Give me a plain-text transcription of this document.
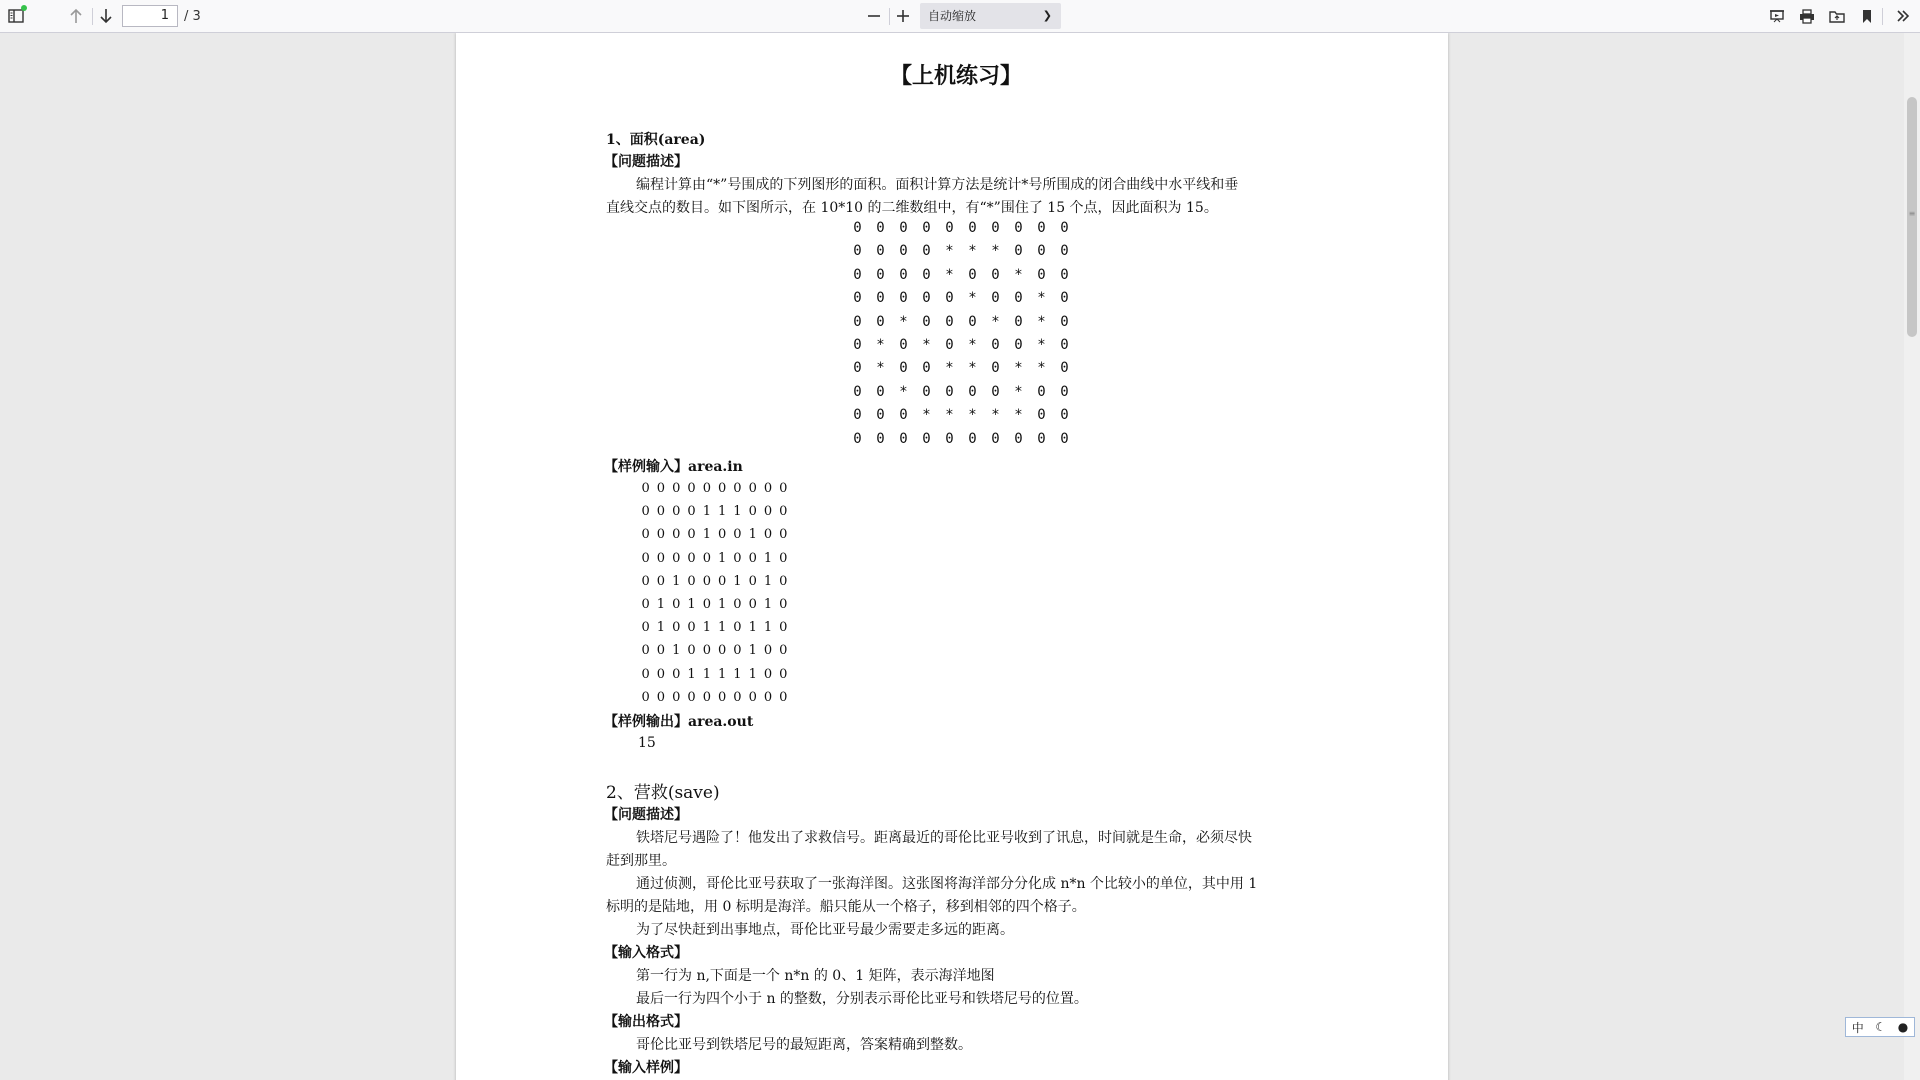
1	/ 3	自动缩放	❯
【上机练习】
1、面积(area)
【问题描述】
编程计算由“*”号围成的下列图形的面积。面积计算方法是统计*号所围成的闭合曲线中水平线和垂
直线交点的数目。如下图所示，在 10*10 的二维数组中，有“*”围住了 15 个点，因此面积为 15。
0 0 0 0 0 0 0 0 0 0
0 0 0 0 * * * 0 0 0
0 0 0 0 * 0 0 * 0 0
0 0 0 0 0 * 0 0 * 0
0 0 * 0 0 0 * 0 * 0
0 * 0 * 0 * 0 0 * 0
0 * 0 0 * * 0 * * 0
0 0 * 0 0 0 0 * 0 0
0 0 0 * * * * * 0 0
0 0 0 0 0 0 0 0 0 0
【样例输入】area.in
0 0 0 0 0 0 0 0 0 0
0 0 0 0 1 1 1 0 0 0
0 0 0 0 1 0 0 1 0 0
0 0 0 0 0 1 0 0 1 0
0 0 1 0 0 0 1 0 1 0
0 1 0 1 0 1 0 0 1 0
0 1 0 0 1 1 0 1 1 0
0 0 1 0 0 0 0 1 0 0
0 0 0 1 1 1 1 1 0 0
0 0 0 0 0 0 0 0 0 0
【样例输出】area.out
15
2、营救(save)
【问题描述】
铁塔尼号遇险了！他发出了求救信号。距离最近的哥伦比亚号收到了讯息，时间就是生命，必须尽快
赶到那里。
通过侦测，哥伦比亚号获取了一张海洋图。这张图将海洋部分分化成 n*n 个比较小的单位，其中用 1
标明的是陆地，用 0 标明是海洋。船只能从一个格子，移到相邻的四个格子。
为了尽快赶到出事地点，哥伦比亚号最少需要走多远的距离。
【输入格式】
第一行为 n,下面是一个 n*n 的 0、1 矩阵，表示海洋地图
最后一行为四个小于 n 的整数，分别表示哥伦比亚号和铁塔尼号的位置。
【输出格式】
哥伦比亚号到铁塔尼号的最短距离，答案精确到整数。
【输入样例】
≡
中 ☾ ●
